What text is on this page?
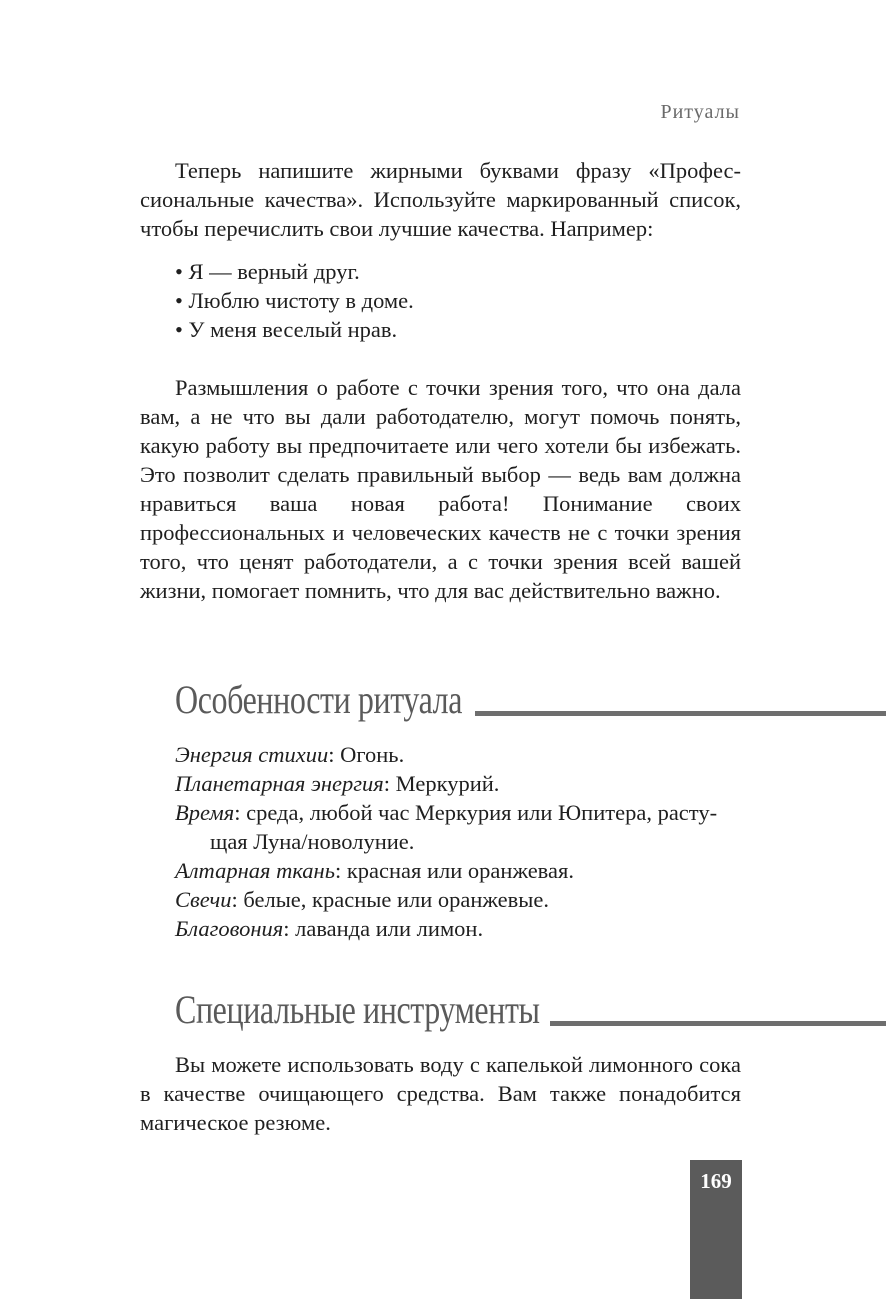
Ритуалы

Теперь напишите жирными буквами фразу «Профессиональные качества». Используйте маркированный список, чтобы перечислить свои лучшие качества. Например:

• Я — верный друг.
• Люблю чистоту в доме.
• У меня веселый нрав.

Размышления о работе с точки зрения того, что она дала вам, а не что вы дали работодателю, могут помочь понять, какую работу вы предпочитаете или чего хотели бы избежать. Это позволит сделать правильный выбор — ведь вам должна нравиться ваша новая работа! Понимание своих профессиональных и человеческих качеств не с точки зрения того, что ценят работодатели, а с точки зрения всей вашей жизни, помогает помнить, что для вас действительно важно.

Особенности ритуала
Энергия стихии: Огонь.
Планетарная энергия: Меркурий.
Время: среда, любой час Меркурия или Юпитера, растущая Луна/новолуние.
Алтарная ткань: красная или оранжевая.
Свечи: белые, красные или оранжевые.
Благовония: лаванда или лимон.
Специальные инструменты

Вы можете использовать воду с капелькой лимонного сока в качестве очищающего средства. Вам также понадобится магическое резюме.

169
